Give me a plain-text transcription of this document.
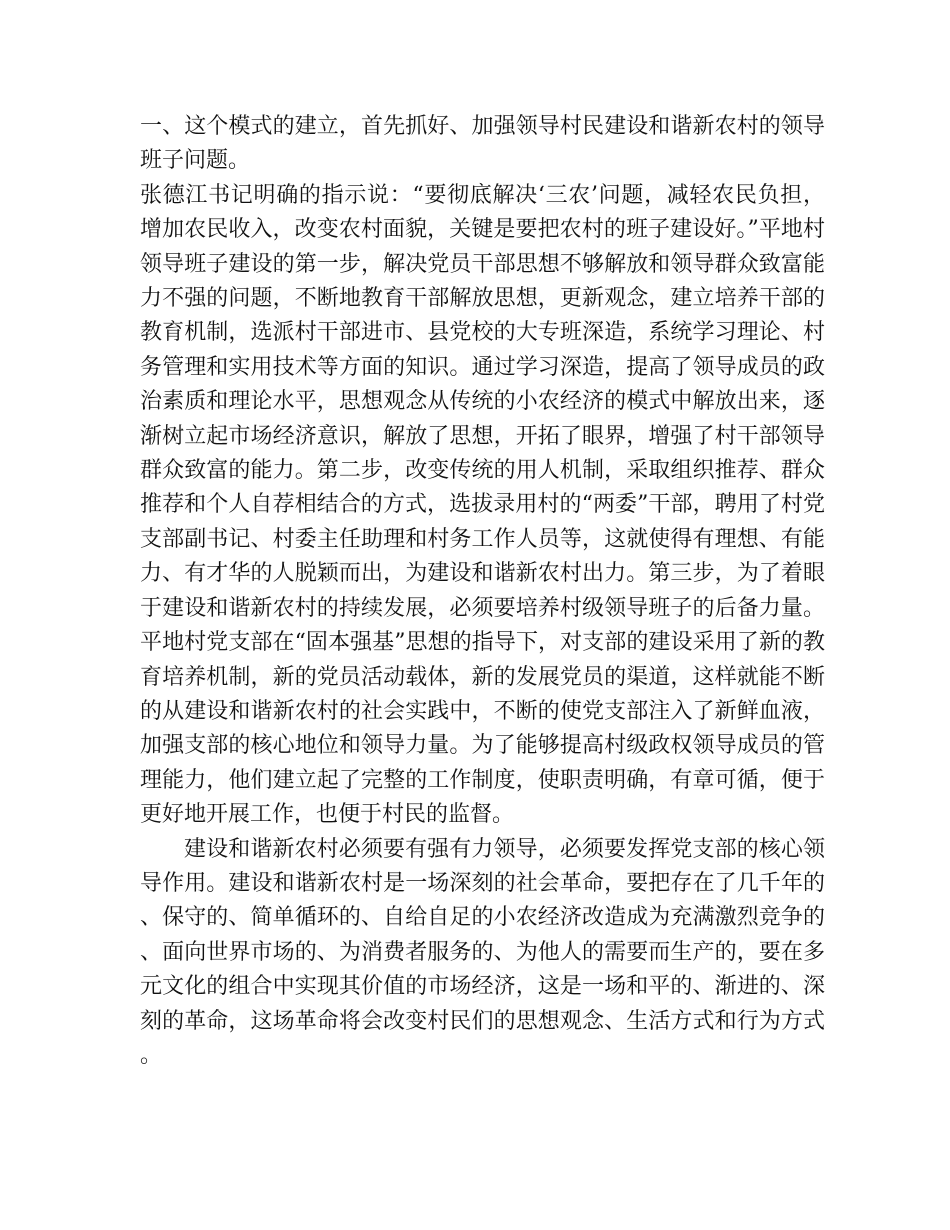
一、这个模式的建立，首先抓好、加强领导村民建设和谐新农村的领导班子问题。

张德江书记明确的指示说：“要彻底解决‘三农’问题，减轻农民负担，增加农民收入，改变农村面貌，关键是要把农村的班子建设好。”平地村领导班子建设的第一步，解决党员干部思想不够解放和领导群众致富能力不强的问题，不断地教育干部解放思想，更新观念，建立培养干部的教育机制，选派村干部进市、县党校的大专班深造，系统学习理论、村务管理和实用技术等方面的知识。通过学习深造，提高了领导成员的政治素质和理论水平，思想观念从传统的小农经济的模式中解放出来，逐渐树立起市场经济意识，解放了思想，开拓了眼界，增强了村干部领导群众致富的能力。第二步，改变传统的用人机制，采取组织推荐、群众推荐和个人自荐相结合的方式，选拔录用村的“两委”干部，聘用了村党支部副书记、村委主任助理和村务工作人员等，这就使得有理想、有能力、有才华的人脱颖而出，为建设和谐新农村出力。第三步，为了着眼于建设和谐新农村的持续发展，必须要培养村级领导班子的后备力量。平地村党支部在“固本强基”思想的指导下，对支部的建设采用了新的教育培养机制，新的党员活动载体，新的发展党员的渠道，这样就能不断的从建设和谐新农村的社会实践中，不断的使党支部注入了新鲜血液，加强支部的核心地位和领导力量。为了能够提高村级政权领导成员的管理能力，他们建立起了完整的工作制度，使职责明确，有章可循，便于更好地开展工作，也便于村民的监督。

建设和谐新农村必须要有强有力领导，必须要发挥党支部的核心领导作用。建设和谐新农村是一场深刻的社会革命，要把存在了几千年的、保守的、简单循环的、自给自足的小农经济改造成为充满激烈竞争的、面向世界市场的、为消费者服务的、为他人的需要而生产的，要在多元文化的组合中实现其价值的市场经济，这是一场和平的、渐进的、深刻的革命，这场革命将会改变村民们的思想观念、生活方式和行为方式。
